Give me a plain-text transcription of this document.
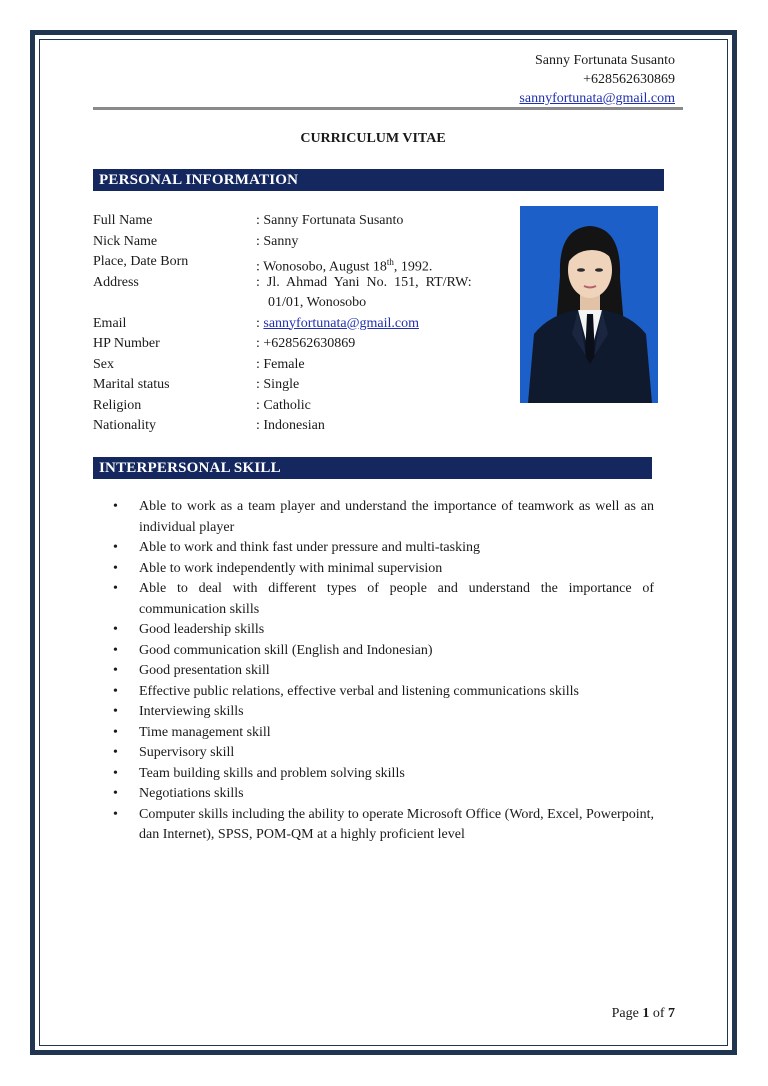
Sanny Fortunata Susanto
+628562630869
sannyfortunata@gmail.com
CURRICULUM VITAE
PERSONAL INFORMATION
Full Name	: Sanny Fortunata Susanto
Nick Name	: Sanny
Place, Date Born	: Wonosobo, August 18th, 1992.
Address	:  Jl.  Ahmad  Yani  No.  151,  RT/RW:
01/01, Wonosobo
Email	: sannyfortunata@gmail.com
HP Number	: +628562630869
Sex	: Female
Marital status	: Single
Religion	: Catholic
Nationality	: Indonesian
INTERPERSONAL SKILL
• Able to work as a team player and understand the importance of teamwork as well as an individual player
• Able to work and think fast under pressure and multi-tasking
• Able to work independently with minimal supervision
• Able to deal with different types of people and understand the importance of communication skills
• Good leadership skills
• Good communication skill (English and Indonesian)
• Good presentation skill
• Effective public relations, effective verbal and listening communications skills
• Interviewing skills
• Time management skill
• Supervisory skill
• Team building skills and problem solving skills
• Negotiations skills
• Computer skills including the ability to operate Microsoft Office (Word, Excel, Powerpoint, dan Internet), SPSS, POM-QM at a highly proficient level
Page 1 of 7
